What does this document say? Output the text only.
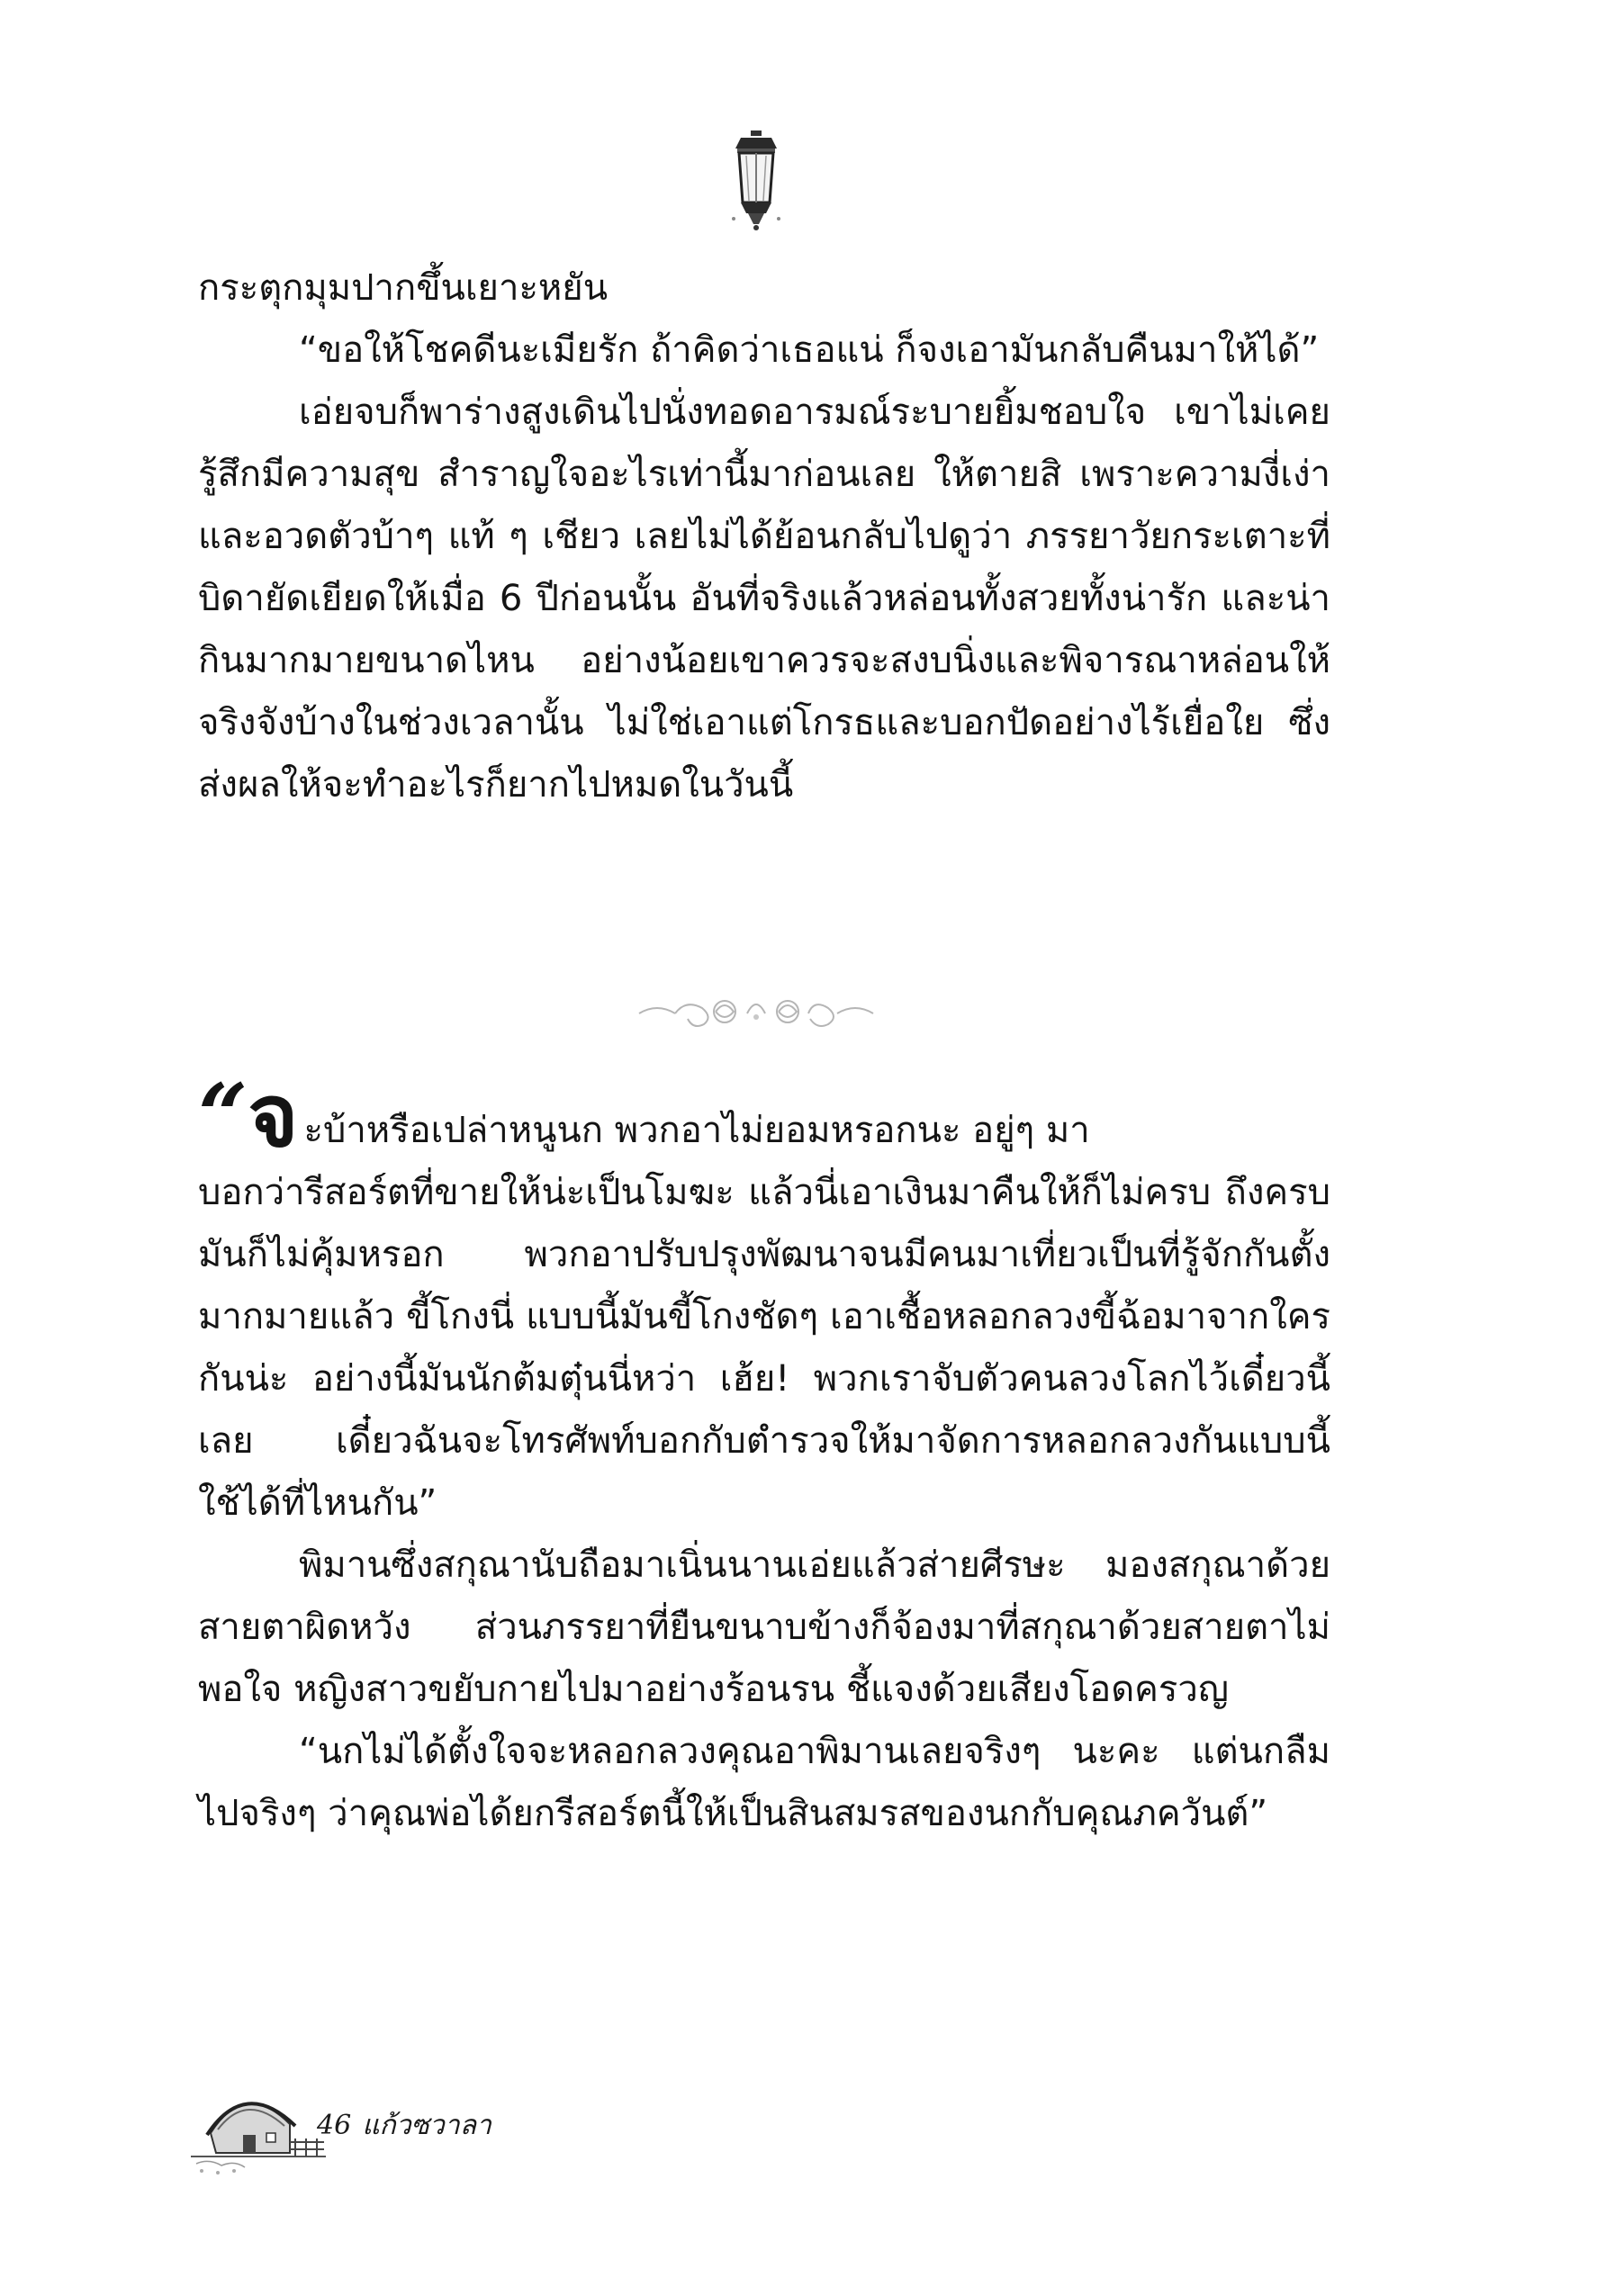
กระตุกมุมปากขึ้นเยาะหยัน

“ขอให้โชคดีนะเมียรัก ถ้าคิดว่าเธอแน่ ก็จงเอามันกลับคืนมาให้ได้”

เอ่ยจบก็พาร่างสูงเดินไปนั่งทอดอารมณ์ระบายยิ้มชอบใจ เขาไม่เคยรู้สึกมีความสุข สำราญใจอะไรเท่านี้มาก่อนเลย ให้ตายสิ เพราะความงี่เง่าและอวดตัวบ้าๆ แท้ ๆ เชียว เลยไม่ได้ย้อนกลับไปดูว่า ภรรยาวัยกระเตาะที่บิดายัดเยียดให้เมื่อ 6 ปีก่อนนั้น อันที่จริงแล้วหล่อนทั้งสวยทั้งน่ารัก และน่ากินมากมายขนาดไหน อย่างน้อยเขาควรจะสงบนิ่งและพิจารณาหล่อนให้จริงจังบ้างในช่วงเวลานั้น ไม่ใช่เอาแต่โกรธและบอกปัดอย่างไร้เยื่อใย ซึ่งส่งผลให้จะทำอะไรก็ยากไปหมดในวันนี้

“จ ะบ้าหรือเปล่าหนูนก พวกอาไม่ยอมหรอกนะ อยู่ๆ มา

บอกว่ารีสอร์ตที่ขายให้น่ะเป็นโมฆะ แล้วนี่เอาเงินมาคืนให้ก็ไม่ครบ ถึงครบมันก็ไม่คุ้มหรอก พวกอาปรับปรุงพัฒนาจนมีคนมาเที่ยวเป็นที่รู้จักกันตั้งมากมายแล้ว ขี้โกงนี่ แบบนี้มันขี้โกงชัดๆ เอาเชื้อหลอกลวงขี้ฉ้อมาจากใครกันน่ะ อย่างนี้มันนักต้มตุ๋นนี่หว่า เฮ้ย! พวกเราจับตัวคนลวงโลกไว้เดี๋ยวนี้เลย เดี๋ยวฉันจะโทรศัพท์บอกกับตำรวจให้มาจัดการหลอกลวงกันแบบนี้ใช้ได้ที่ไหนกัน”

พิมานซึ่งสกุณานับถือมาเนิ่นนานเอ่ยแล้วส่ายศีรษะ มองสกุณาด้วยสายตาผิดหวัง ส่วนภรรยาที่ยืนขนาบข้างก็จ้องมาที่สกุณาด้วยสายตาไม่พอใจ หญิงสาวขยับกายไปมาอย่างร้อนรน ชี้แจงด้วยเสียงโอดครวญ

“นกไม่ได้ตั้งใจจะหลอกลวงคุณอาพิมานเลยจริงๆ นะคะ แต่นกลืมไปจริงๆ ว่าคุณพ่อได้ยกรีสอร์ตนี้ให้เป็นสินสมรสของนกกับคุณภควันต์”

46 แก้วซวาลา
